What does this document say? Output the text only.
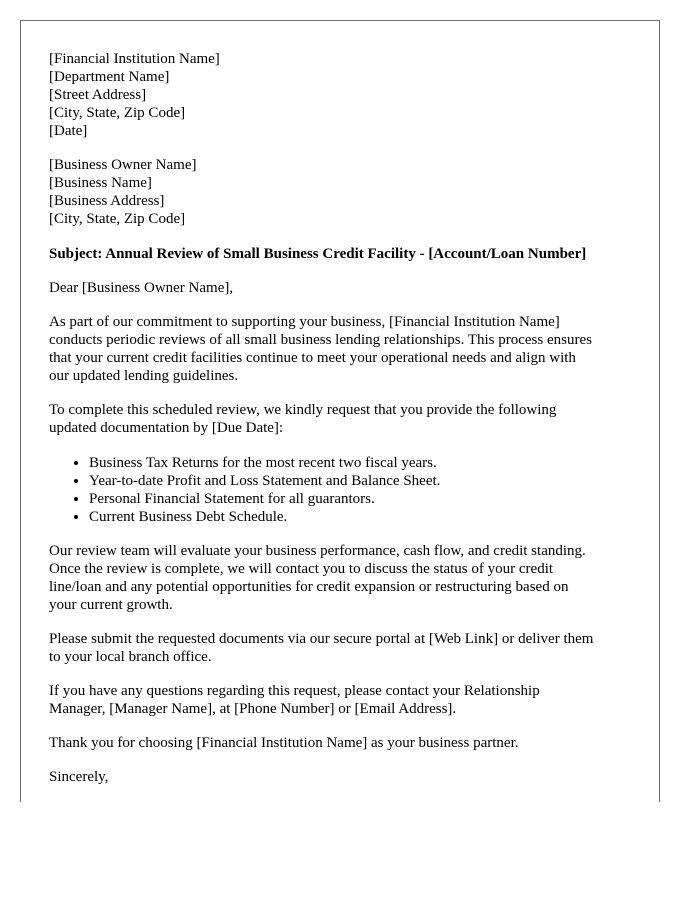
[Financial Institution Name]
[Department Name]
[Street Address]
[City, State, Zip Code]
[Date]
[Business Owner Name]
[Business Name]
[Business Address]
[City, State, Zip Code]
Subject: Annual Review of Small Business Credit Facility - [Account/Loan Number]

Dear [Business Owner Name],

As part of our commitment to supporting your business, [Financial Institution Name]
conducts periodic reviews of all small business lending relationships. This process ensures
that your current credit facilities continue to meet your operational needs and align with
our updated lending guidelines.

To complete this scheduled review, we kindly request that you provide the following
updated documentation by [Due Date]:

• Business Tax Returns for the most recent two fiscal years.
• Year-to-date Profit and Loss Statement and Balance Sheet.
• Personal Financial Statement for all guarantors.
• Current Business Debt Schedule.

Our review team will evaluate your business performance, cash flow, and credit standing.
Once the review is complete, we will contact you to discuss the status of your credit
line/loan and any potential opportunities for credit expansion or restructuring based on
your current growth.

Please submit the requested documents via our secure portal at [Web Link] or deliver them
to your local branch office.

If you have any questions regarding this request, please contact your Relationship
Manager, [Manager Name], at [Phone Number] or [Email Address].

Thank you for choosing [Financial Institution Name] as your business partner.

Sincerely,
